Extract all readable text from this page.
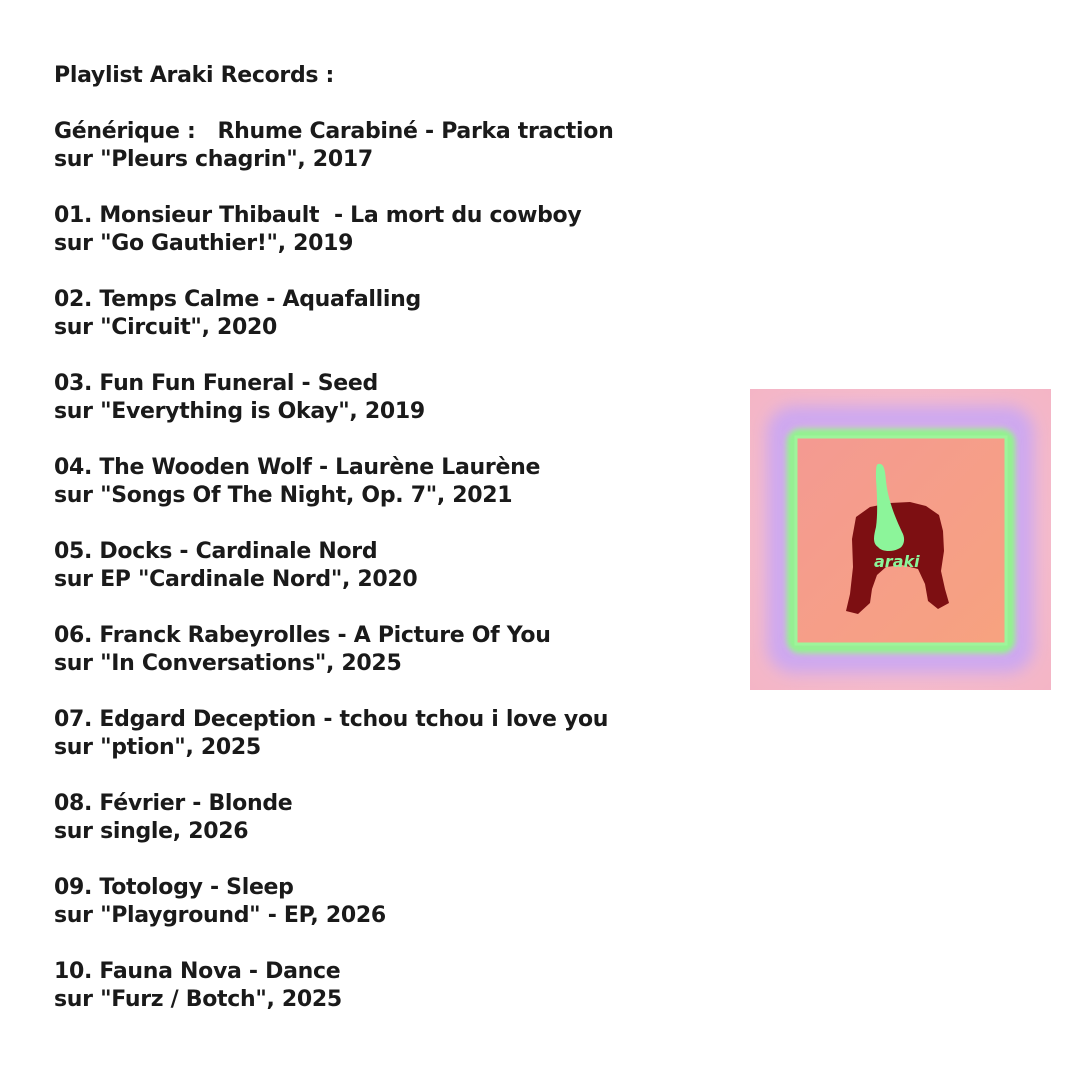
Playlist Araki Records :
Générique :   Rhume Carabiné - Parka traction
sur "Pleurs chagrin", 2017
01. Monsieur Thibault  - La mort du cowboy
sur "Go Gauthier!", 2019
02. Temps Calme - Aquafalling
sur "Circuit", 2020
03. Fun Fun Funeral - Seed
sur "Everything is Okay", 2019
04. The Wooden Wolf - Laurène Laurène
sur "Songs Of The Night, Op. 7", 2021
05. Docks - Cardinale Nord
sur EP "Cardinale Nord", 2020
06. Franck Rabeyrolles - A Picture Of You
sur "In Conversations", 2025
07. Edgard Deception - tchou tchou i love you
sur "ption", 2025
08. Février - Blonde
sur single, 2026
09. Totology - Sleep
sur "Playground" - EP, 2026
10. Fauna Nova - Dance
sur "Furz / Botch", 2025
araki
